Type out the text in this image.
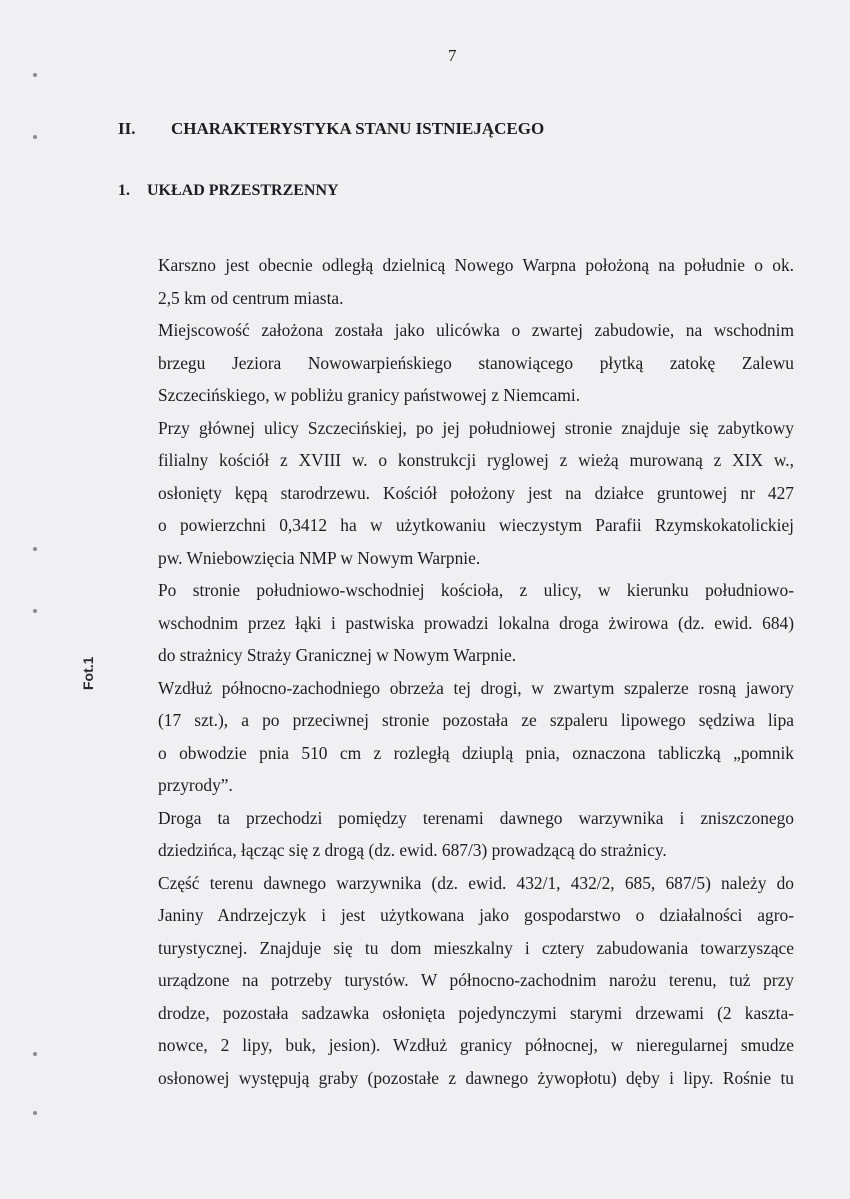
7
II. CHARAKTERYSTYKA STANU ISTNIEJĄCEGO
1. UKŁAD PRZESTRZENNY
Fot.1

Karszno jest obecnie odległą dzielnicą Nowego Warpna położoną na południe o ok.
2,5 km od centrum miasta.

Miejscowość założona została jako ulicówka o zwartej zabudowie, na wschodnim
brzegu Jeziora Nowowarpieńskiego stanowiącego płytką zatokę Zalewu
Szczecińskiego, w pobliżu granicy państwowej z Niemcami.

Przy głównej ulicy Szczecińskiej, po jej południowej stronie znajduje się zabytkowy
filialny kościół z XVIII w. o konstrukcji ryglowej z wieżą murowaną z XIX w.,
osłonięty kępą starodrzewu. Kościół położony jest na działce gruntowej nr 427
o powierzchni 0,3412 ha w użytkowaniu wieczystym Parafii Rzymskokatolickiej
pw. Wniebowzięcia NMP w Nowym Warpnie.

Po stronie południowo-wschodniej kościoła, z ulicy, w kierunku południowo-
wschodnim przez łąki i pastwiska prowadzi lokalna droga żwirowa (dz. ewid. 684)
do strażnicy Straży Granicznej w Nowym Warpnie.

Wzdłuż północno-zachodniego obrzeża tej drogi, w zwartym szpalerze rosną jawory
(17 szt.), a po przeciwnej stronie pozostała ze szpaleru lipowego sędziwa lipa
o obwodzie pnia 510 cm z rozległą dziuplą pnia, oznaczona tabliczką „pomnik
przyrody”.

Droga ta przechodzi pomiędzy terenami dawnego warzywnika i zniszczonego
dziedzińca, łącząc się z drogą (dz. ewid. 687/3) prowadzącą do strażnicy.

Część terenu dawnego warzywnika (dz. ewid. 432/1, 432/2, 685, 687/5) należy do
Janiny Andrzejczyk i jest użytkowana jako gospodarstwo o działalności agro-
turystycznej. Znajduje się tu dom mieszkalny i cztery zabudowania towarzyszące
urządzone na potrzeby turystów. W północno-zachodnim narożu terenu, tuż przy
drodze, pozostała sadzawka osłonięta pojedynczymi starymi drzewami (2 kaszta-
nowce, 2 lipy, buk, jesion). Wzdłuż granicy północnej, w nieregularnej smudze
osłonowej występują graby (pozostałe z dawnego żywopłotu) dęby i lipy. Rośnie tu
